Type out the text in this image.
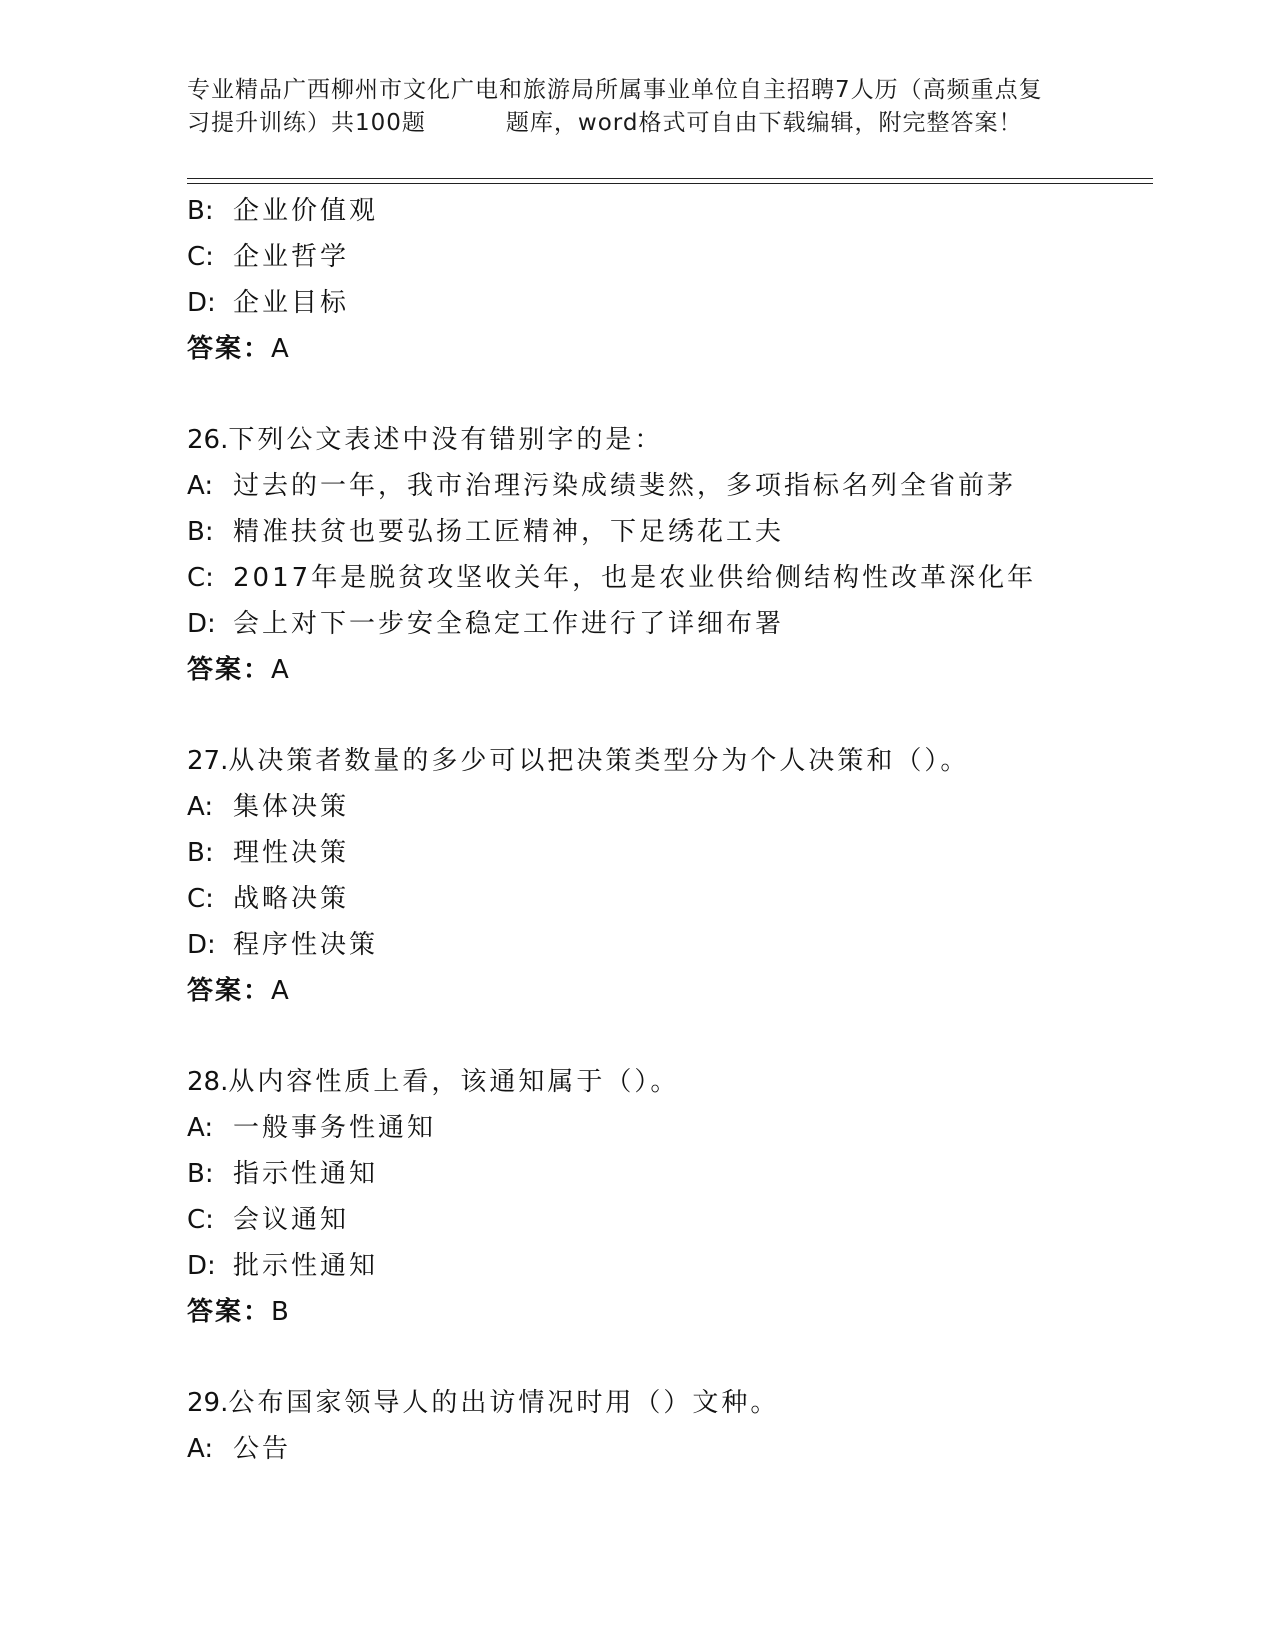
专业精品广西柳州市文化广电和旅游局所属事业单位自主招聘7人历（高频重点复
习提升训练）共100题	题库，word格式可自由下载编辑，附完整答案！
B: 企业价值观
C: 企业哲学
D: 企业目标
答案：A
26.下列公文表述中没有错别字的是：
A: 过去的一年，我市治理污染成绩斐然，多项指标名列全省前茅
B: 精准扶贫也要弘扬工匠精神，下足绣花工夫
C: 2017年是脱贫攻坚收关年，也是农业供给侧结构性改革深化年
D: 会上对下一步安全稳定工作进行了详细布署
答案：A
27.从决策者数量的多少可以把决策类型分为个人决策和（）。
A: 集体决策
B: 理性决策
C: 战略决策
D: 程序性决策
答案：A
28.从内容性质上看，该通知属于（）。
A: 一般事务性通知
B: 指示性通知
C: 会议通知
D: 批示性通知
答案：B
29.公布国家领导人的出访情况时用（）文种。
A: 公告
